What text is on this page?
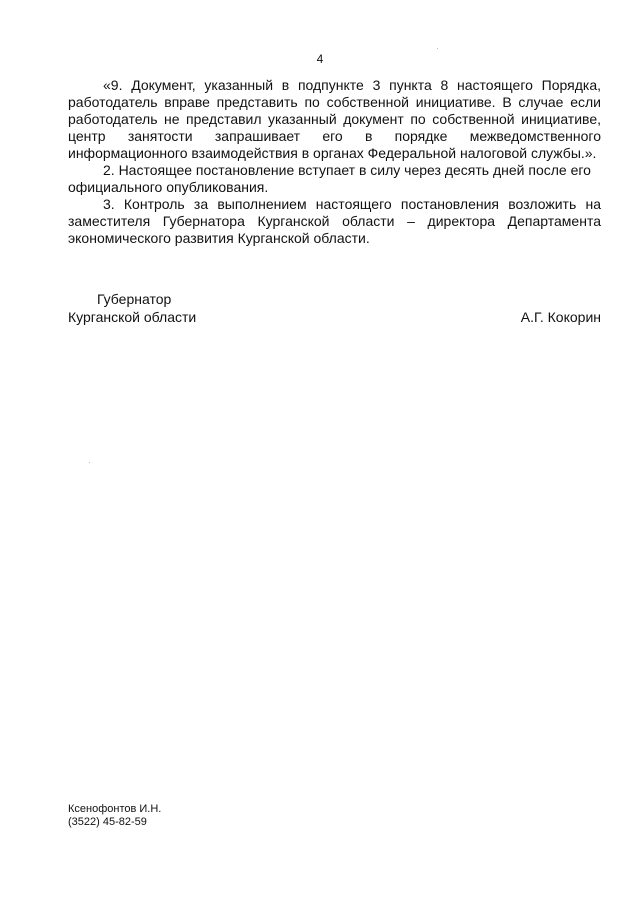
4
«9. Документ, указанный в подпункте 3 пункта 8 настоящего Порядка,
работодатель вправе представить по собственной инициативе. В случае если
работодатель не представил указанный документ по собственной инициативе,
центр занятости запрашивает его в порядке межведомственного
информационного взаимодействия в органах Федеральной налоговой службы.».
2. Настоящее постановление вступает в силу через десять дней после его
официального опубликования.
3. Контроль за выполнением настоящего постановления возложить на
заместителя Губернатора Курганской области – директора Департамента
экономического развития Курганской области.
Губернатор
Курганской области	А.Г. Кокорин
Ксенофонтов И.Н.
(3522) 45-82-59
